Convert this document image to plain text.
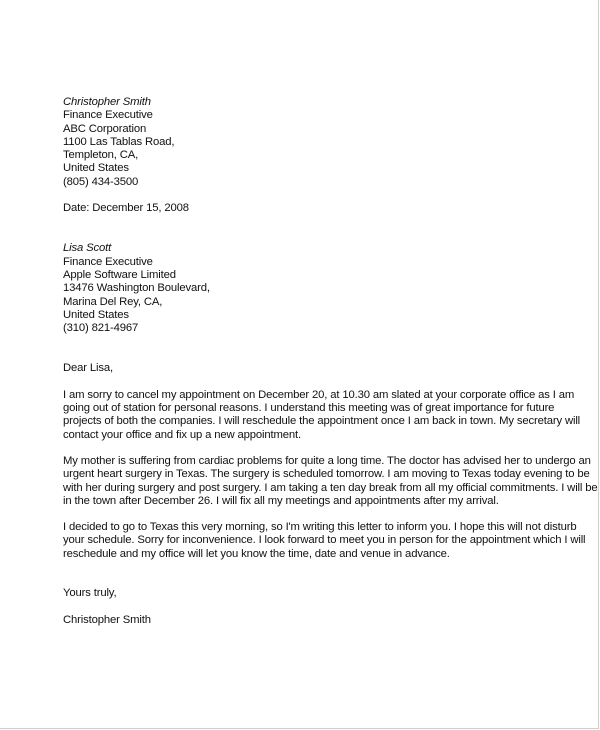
Christopher Smith
Finance Executive
ABC Corporation
1100 Las Tablas Road,
Templeton, CA,
United States
(805) 434-3500
Date: December 15, 2008
Lisa Scott
Finance Executive
Apple Software Limited
13476 Washington Boulevard,
Marina Del Rey, CA,
United States
(310) 821-4967
Dear Lisa,
I am sorry to cancel my appointment on December 20, at 10.30 am slated at your corporate office as I am
going out of station for personal reasons. I understand this meeting was of great importance for future
projects of both the companies. I will reschedule the appointment once I am back in town. My secretary will
contact your office and fix up a new appointment.
My mother is suffering from cardiac problems for quite a long time. The doctor has advised her to undergo an
urgent heart surgery in Texas. The surgery is scheduled tomorrow. I am moving to Texas today evening to be
with her during surgery and post surgery. I am taking a ten day break from all my official commitments. I will be
in the town after December 26. I will fix all my meetings and appointments after my arrival.
I decided to go to Texas this very morning, so I'm writing this letter to inform you. I hope this will not disturb
your schedule. Sorry for inconvenience. I look forward to meet you in person for the appointment which I will
reschedule and my office will let you know the time, date and venue in advance.
Yours truly,
Christopher Smith
